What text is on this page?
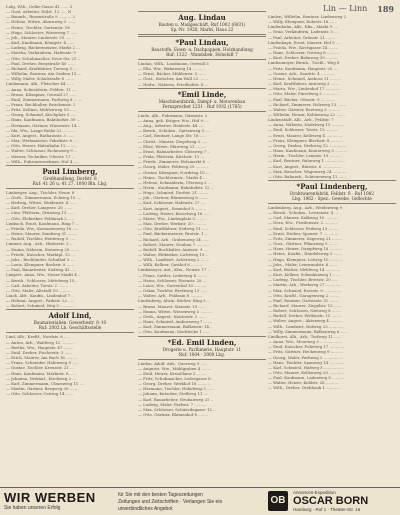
Lin — Linn 189
Lulg, Wtb., Gelbe-Gasse 41 ...... 3
— Gust, Arbeiter, Holst. 12 ..... N
— Bauarb., Rosenstraße 9 .......... 2
— Helene, Witwe, Ahornweg 5 ......
— Heinr., Tischler, Gartenstr. 18
— Hugo, Schlosser, Wieseweg 7 ......
— Joh., Maurer, Lindenstr. 33 ......
— Karl, Kaufmann, Königstr. 4 ......
— Ludwig, Bäckermeister, Markt 2 ...
— Martha, Verkäuferin, Hafenstr. 9
— Otto, Schuhmacher, Neue Str. 21 ..
— Paul, Dreher, Bergstraße 40 ......
— Richard, Kraftfahrer, Torweg 3 ...
— Wilhelm, Rentner, Am Graben 15 ...
— Willy, Maler, Schulstraße 6 .......
Lindemann, Alb., Fleischer 44 ......
— Anna, Schneiderin, Feldstr. 11 ...
— Bruno, Klempner, Ostwall 27 ......
— Emil, Zimmermann, Parkweg 8 .......
— Franz, Buchhalter, Brückenstr. 2
— Fritz, Kellner, Mühlenweg 19 .....
— Georg, Schmied, Kirchplatz 5 .....
— Hans, Kaufmann, Bahnhofstr. 30 ...
— Hermann, Gärtner, Wiesenstr. 14 ..
— Ida, Ww., Lange Reihe 22 ..........
— Kurt, Angest., Rathausstr. 3 ......
— Max, Werkmeister, Fabrikstr. 6 ...
— Otto, Heizer, Hafenbahn 12 ........
— Walter, Schlosser, Eichenweg 9 ...
— Werner, Techniker, Uferstr. 17 ...
— Wilh., Fuhrunternehmer, Hof 4 ....
Paul Limberg,
Großhandlung, Dorfstr. 8
Ruf: 41 26 u. 41 27, 1000 Bln. Lbg.
Limberger, Aug., Tischler, Neuw. 8
— Gerh., Zimmermann, Eckweg 10 ....
— Hedwig, Witwe, Weidenstr. 4 ......
— Karl, Dreher, Langestr. 26 .......
— Lina, Plätterin, Grünweg 13 ......
— Otto, Elektriker, Feldmark 2 .....
Limbach, Ernst, Kaufmann, Ring 7 ...
— Frieda, Ww., Kastanienweg 18 .....
— Heinz, Maurer, Sandweg 31 ........
— Rudolf, Tischler, Heideweg 9 .....
Limmer, Aug., Arb., Hinterstr. 5 ...
— Emma, Näherin, Steinweg 20 .......
— Friedr., Kutscher, Marktpl. 12 ...
— Johs., Buchbinder, Schulhof 3 ....
— Louis, Klempner, Bachstr. 8 ......
— Paul, Bauarbeiter, Südring 41 ....
Limpert, Anna, Ww., Neuer Markt 4 ..
— Bernh., Schlosser, Mittelweg 15 ..
— Carl, Arbeiter, Torstr. 2 ........
— Otto, Maler, Altstadt 19 .........
Linck, Alfr., Kaufm., Lindenhof 7 ..
— Helmut, Angest., Parkstr. 22 .....
— Robert, Schmied, Weg 5 ............
Adolf Lind,
Baumaterialien, Gewerbestr. 8–10
Ruf: 2002 Lb. Geschäftsstelle
Lind, Alb., Kraftf., Nordstr. 6 ....
— Anton, Arb., Waldweg 12 ..........
— Bertha, Ww., Hauptstr. 47 ........
— Emil, Dreher, Fischerstr. 3 ......
— Erich, Maurer, Am Bach 16 .........
— Franz, Schneider, Hafenweg 9 .....
— Gustav, Tischler, Kreuzstr. 21 ...
— Hans, Kaufmann, Marktstr. 8 .....
— Johanna, Verkäuf., Kirchweg 2 ...
— Karl, Zimmermann, Ulmenweg 11 ....
— Martin, Gärtner, Bergweg 30 ......
— Otto, Schlosser, Ostring 14 ......
Aug. Lindau
Bauten u. Maßgeschäft, Ruf 1002 (6031)
Sp.-Nr. 1928, Markt, Haus 22
*Paul Lindau,
Baustoffe, Eisen- u. Dachpappen, Holzhandlung
Ruf: 1322 · Wandsbek, Hoheluft 7
Lindau, Wilh., Landmann, Ostwall 3
— Ella, Ww., Birkenweg 14 ..........
— Ernst, Bäcker, Mühlenstr. 5 ......
— Gust., Kutscher, Am Wall 22 .......
— Hedw., Näherin, Friedhofstr. 8 ...
*Emil Linde,
Maschinenfabrik, Dampf- u. Motorenbau
Fernsprecher 1231 · Ruf 1932 (1785)
Linde, Alb., Fuhrmann, Gänsestr. 2
— Anna, geb. Krüger, Ww., Hof 9 ....
— Aug., Arbeiter, Heidestr. 44 .....
— Bernh., Schuhm., Gartenweg 5 .....
— Carl, Rentner, Lange Str. 18 .....
— Christ., Maurer, Ziegelweg 3 .....
— Elise, Witwe, Pfarrweg 21 .........
— Ernst, Bahnarbeiter, Gleisweg 7 ..
— Frida, Plätterin, Kirchstr. 13 ...
— Friedr., Zimmerer, Holzmarkt 6 ...
— Georg, Maler, Feldweg 29 ..........
— Gustav, Klempner, Nordring 10 ....
— Heinr., Tischlermstr., Markt 4 ...
— Helene, Schneiderin, Uferweg 2 ...
— Herm., Kaufmann, Bahnhofstr. 12 ..
— Hugo, Schmied, Dorfstr. 31 ........
— Joh., Gärtner, Blumenweg 8 .......
— Karl, Schlosser, Hafenstr. 27 ....
— Kurt, Angest., Rosenhof 5 .........
— Ludwig, Heizer, Kesselweg 16 .....
— Marie, Ww., Lindenplatz 3 ........
— Max, Dreher, Werkstr. 20 ..........
— Otto, Kraftfahrer, Südweg 11 .....
— Paul, Bäckermeister, Brotstr. 1 ..
— Richard, Arb., Grabenweg 24 ......
— Robert, Maurer, Neubau 7 ..........
— Rudolf, Buchhalter, Amtsstr. 9 ...
— Walter, Elektriker, Lichtweg 15 ..
— Wilh., Landwirt, Ackerweg 2 .......
— Willi, Kellner, Gasthof 6 ..........
Lindemeyer, Ant., Kfm., Neustr. 17 ..
— Franz, Sattler, Lederweg 4 ........
— Heinz, Schlosser, Eisenstr. 28 ...
— Luise, Ww., Gartenhof 10 ..........
— Oskar, Tischler, Brettweg 13 .....
— Walter, Arb., Feldrain 8 ..........
Lindenberg, Alwin, Bäcker, Ring 3 ...
— Bruno, Maurer, Steinstr. 19 ......
— Emma, Witwe, Wiesenweg 5 ..........
— Gerh., Angest., Kontorstr. 2 .....
— Hans, Schmied, Ambossweg 7 .......
— Karl, Zimmermann, Balkenstr. 14 ..
— Otto, Kaufmann, Marktecke 1 ......
*Ed. Emil Linden,
Drogerie u. Parfümerie, Hauptstr. 11
Ruf: 1004 · 2000 Lbg.
Linden, Adolf, Arb., Querweg 9 .....
— Auguste, Ww., Mühlgraben 4 ........
— Emil, Heizer, Kesselhaus 2 ........
— Fritz, Schuhmacher, Ledergasse 6 .
— Georg, Dreher, Werkhof 18 ..........
— Hermann, Tischler, Hobelweg 3 .....
— Johann, Kutscher, Stallweg 11 ....
— Karl, Bauarbeiter, Neubauweg 25 ..
— Ludwig, Maler, Farbstr. 7 ..........
— Max, Schlosser, Schmiedegasse 12 ..
— Otto, Gärtner, Blumenhof 8 ........
Linden, Wilhelm, Rentner, Lindenweg 2
— Willy, Klempner, Rohrstr. 16 ......
Lindenhahn, Alfr., Kfm., Markt 9 ....
— Erna, Verkäuferin, Ladenstr. 3 ...
— Paul, Arbeiter, Grünstr. 21 .......
Lindenhayn, Ernst, Maurer, Hof 5 ....
— Frieda, Ww., Kirchgasse 14 ........
— Hans, Schlosser, Ostweg 8 ..........
— Kurt, Dreher, Bahnweg 30 ..........
Lindenmeyer, Bernh., Tischl., Weg 6
— Fritz, Kaufmann, Hauptstr. 20 ....
— Gustav, Arb., Sandstr. 4 ...........
— Heinr., Schmied, Amboss 11 .........
— Karl, Kraftfahrer, Autoweg 3 .......
— Marta, Ww., Lindenhof 17 ............
— Otto, Maler, Pinselweg 2 ............
— Paul, Bäcker, Ofenstr. 9 ............
— Richard, Zimmerer, Holzweg 13 .......
— Walter, Gärtner, Beetweg 5 ..........
— Wilhelm, Heizer, Kohlenweg 22 .......
Lindenstädt, Alb., Arb., Feldstr. 7
— Anna, Näherin, Nadelweg 10 ..........
— Emil, Schlosser, Torstr. 15 ..........
— Ernst, Maurer, Kelleweg 4 .............
— Franz, Klempner, Blechstr. 8 ..........
— Georg, Dreher, Drehweg 12 ..............
— Hans, Kaufmann, Kontorweg 3 ..........
— Herm., Tischler, Leimstr. 19 ..........
— Karl, Rentner, Ruheweg 1 ................
— Kurt, Angest., Bürostr. 6 ...............
— Max, Kutscher, Wagenweg 24 ............
— Otto, Bahnarb., Schienenweg 11 ......
*Paul Lindenberg,
Drahtwarenfabrik, Feldstr. 8 · Ruf 1082
Lbg. 1062 · Spez.: Gewebe, Geflechte
Lindenberg, Aug., Arb., Weidenweg 9
— Bernh., Schuhm., Leistenstr. 4 ....
— Carl, Maurer, Kalkweg 16 ...........
— Dora, Ww., Friedensstr. 2 ...........
— Emil, Schlosser, Feilweg 13 ........
— Ernst, Dreher, Spanstr. 7 ............
— Fritz, Zimmerer, Sägeweg 21 ........
— Gust., Gärtner, Pflanzweg 5 ........
— Hans, Heizer, Dampfweg 18 ..........
— Heinr., Kaufm., Handelsweg 3 ......
— Hugo, Klempner, Lötweg 10 ..........
— Johs., Maler, Leinwandstr. 6 ......
— Karl, Bäcker, Mehlweg 14 ............
— Kurt, Kellner, Schenkenweg 1 ......
— Ludwig, Tischler, Brettstr. 20 ....
— Martin, Arb., Werkweg 27 ............
— Max, Schmied, Essestr. 9 ..............
— Otto, Kraftf., Garagenweg 2 ........
— Paul, Rentner, Gartenstr. 31 ........
— Richard, Maurer, Ziegelstr. 12 ......
— Robert, Schlosser, Nietweg 8 ........
— Rudolf, Dreher, Wellenstr. 15 ........
— Walter, Angest., Aktenweg 4 ..........
— Wilh., Landwirt, Hofweg 23 ............
— Willy, Zimmermann, Balkenweg 6 ......
Lindhorst, Alb., Arb., Torfweg 11 ......
— Anna, Ww., Moorweg 3 ..................
— Emil, Kutscher, Fuhrweg 17 ............
— Fritz, Gärtner, Heckenweg 9 ..........
— Georg, Maler, Farbweg 2 ................
— Hans, Tischler, Spanweg 14 ............
— Karl, Schmied, Hufweg 5 ................
— Otto, Maurer, Kellenweg 20 ............
— Paul, Kaufmann, Ladenweg 8 ..........
— Walter, Heizer, Kohlstr. 26 ..........
— Wilh., Dreher, Drehbank 1 ............
WIR WERBEN
Sie haben unseren Erfolg
für Sie mit den besten Tageszeitungen
Zeitungen und Zeitschriften · Verlangen Sie ein
unverbindliches Angebot
OB
Annoncen-Expedition
OSCAR BORN
Hamburg · Ruf 1 · Theater-Str. 16
